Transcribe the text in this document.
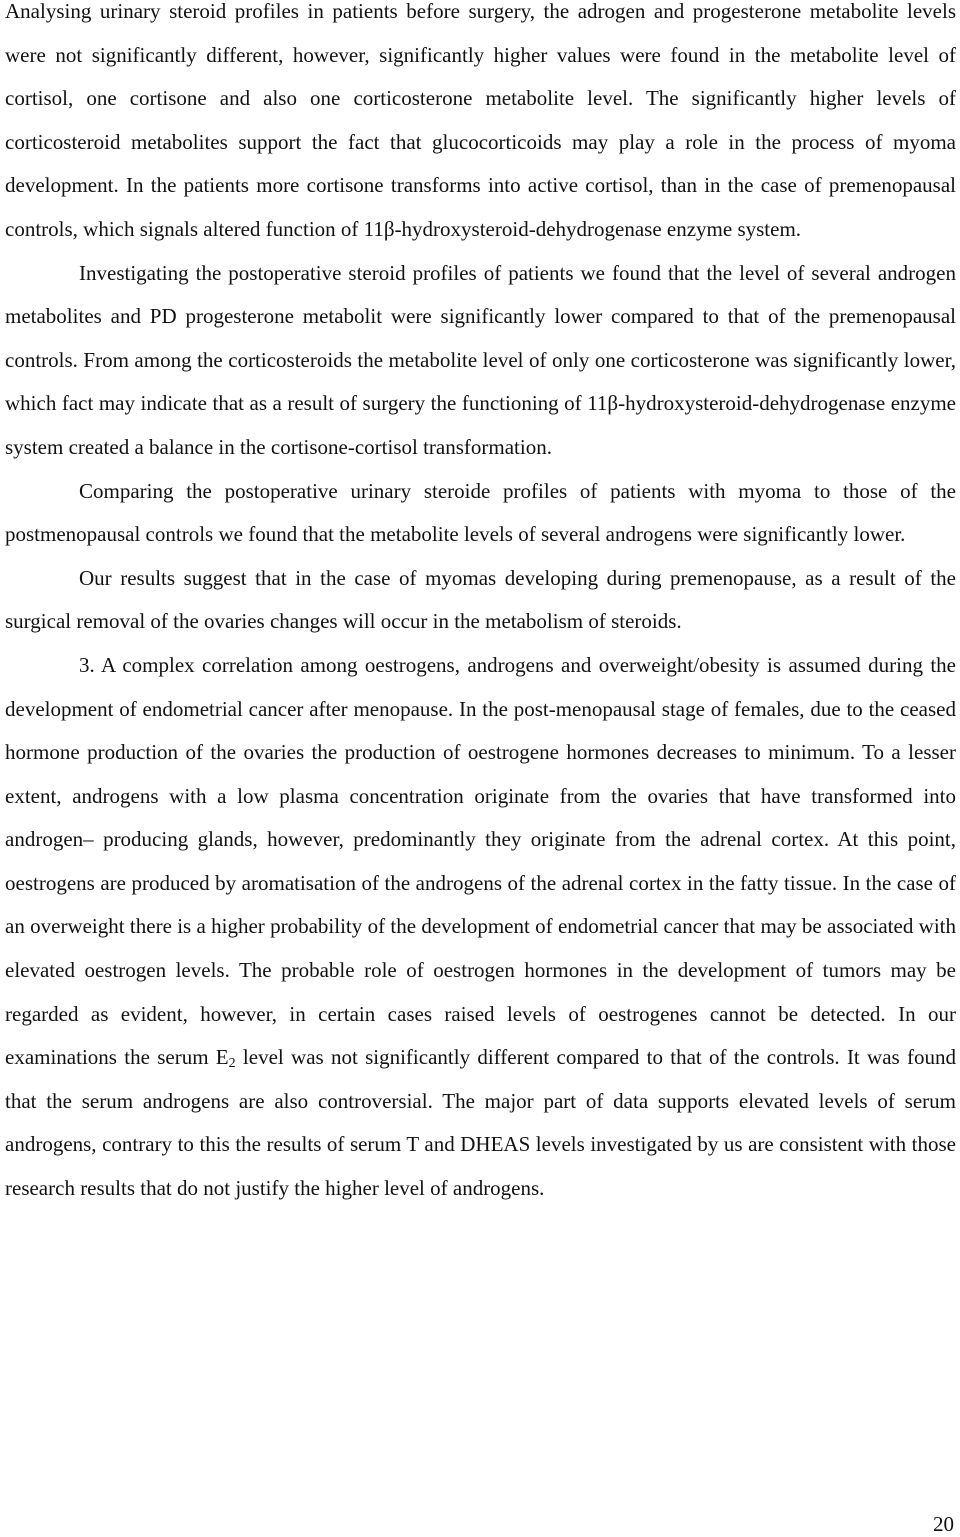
Analysing urinary steroid profiles in patients before surgery, the adrogen and progesterone metabolite levels were not significantly different, however, significantly higher values were found in the metabolite level of cortisol, one cortisone and also one corticosterone metabolite level. The significantly higher levels of corticosteroid metabolites support the fact that glucocorticoids may play a role in the process of myoma development. In the patients more cortisone transforms into active cortisol, than in the case of premenopausal controls, which signals altered function of 11β-hydroxysteroid-dehydrogenase enzyme system.

Investigating the postoperative steroid profiles of patients we found that the level of several androgen metabolites and PD progesterone metabolit were significantly lower compared to that of the premenopausal controls. From among the corticosteroids the metabolite level of only one corticosterone was significantly lower, which fact may indicate that as a result of surgery the functioning of 11β-hydroxysteroid-dehydrogenase enzyme system created a balance in the cortisone-cortisol transformation.

Comparing the postoperative urinary steroide profiles of patients with myoma to those of the postmenopausal controls we found that the metabolite levels of several androgens were significantly lower.

Our results suggest that in the case of myomas developing during premenopause, as a result of the surgical removal of the ovaries changes will occur in the metabolism of steroids.

3. A complex correlation among oestrogens, androgens and overweight/obesity is assumed during the development of endometrial cancer after menopause. In the post-menopausal stage of females, due to the ceased hormone production of the ovaries the production of oestrogene hormones decreases to minimum. To a lesser extent, androgens with a low plasma concentration originate from the ovaries that have transformed into androgen– producing glands, however, predominantly they originate from the adrenal cortex. At this point, oestrogens are produced by aromatisation of the androgens of the adrenal cortex in the fatty tissue. In the case of an overweight there is a higher probability of the development of endometrial cancer that may be associated with elevated oestrogen levels. The probable role of oestrogen hormones in the development of tumors may be regarded as evident, however, in certain cases raised levels of oestrogenes cannot be detected. In our examinations the serum $E_2$ level was not significantly different compared to that of the controls. It was found that the serum androgens are also controversial. The major part of data supports elevated levels of serum androgens, contrary to this the results of serum T and DHEAS levels investigated by us are consistent with those research results that do not justify the higher level of androgens.

20
